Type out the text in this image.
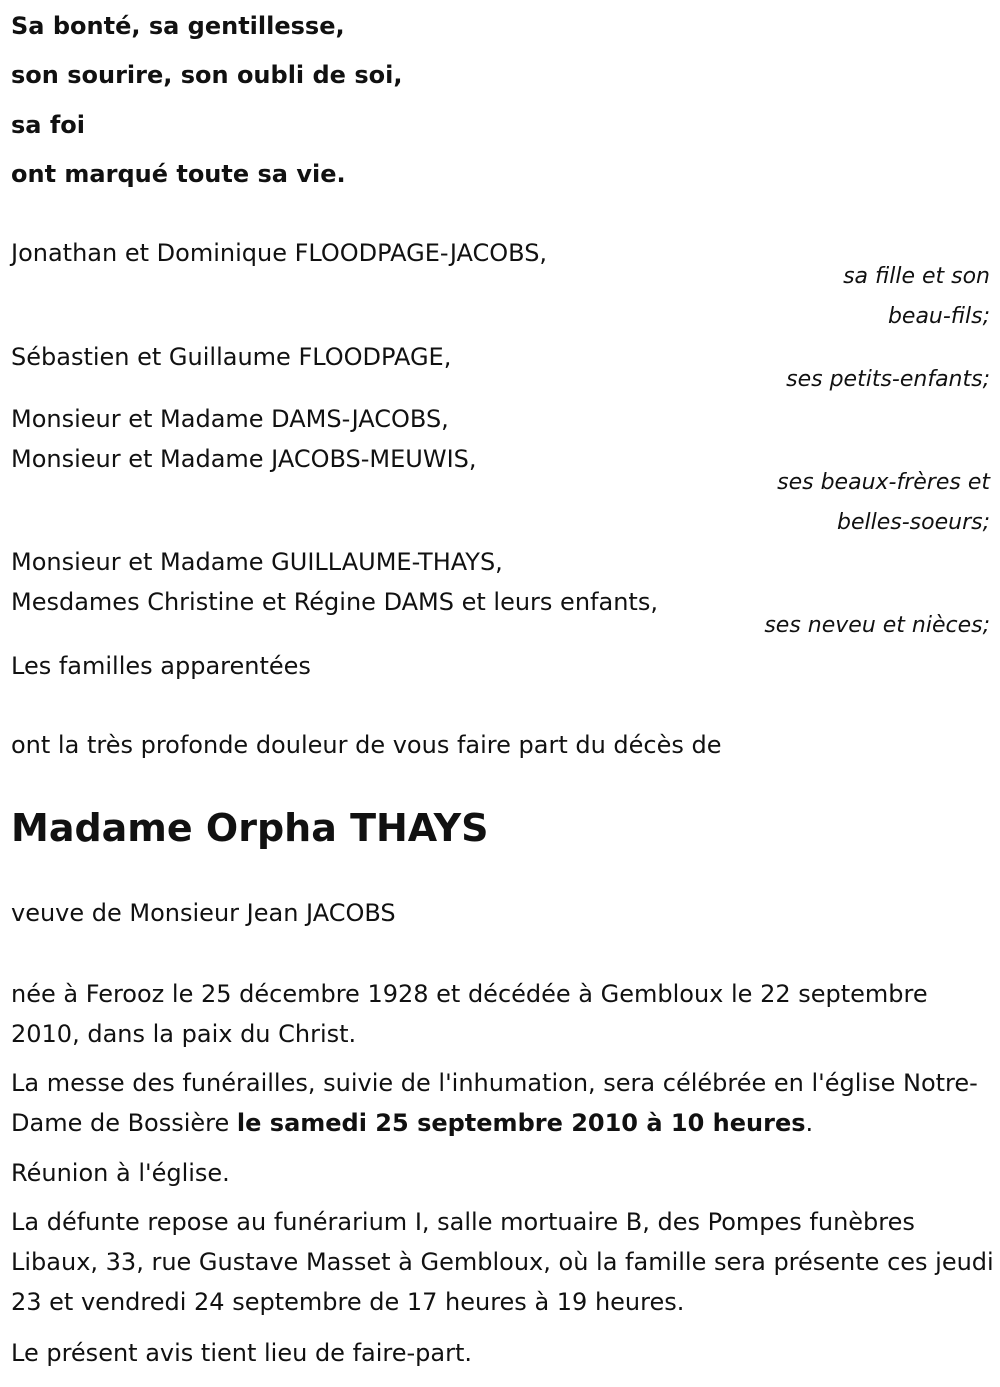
Sa bonté, sa gentillesse,

son sourire, son oubli de soi,

sa foi

ont marqué toute sa vie.

Jonathan et Dominique FLOODPAGE-JACOBS,

sa fille et son

beau-fils;

Sébastien et Guillaume FLOODPAGE,

ses petits-enfants;

Monsieur et Madame DAMS-JACOBS,

Monsieur et Madame JACOBS-MEUWIS,

ses beaux-frères et

belles-soeurs;

Monsieur et Madame GUILLAUME-THAYS,

Mesdames Christine et Régine DAMS et leurs enfants,

ses neveu et nièces;

Les familles apparentées

ont la très profonde douleur de vous faire part du décès de

Madame Orpha THAYS

veuve de Monsieur Jean JACOBS

née à Ferooz le 25 décembre 1928 et décédée à Gembloux le 22 septembre 2010, dans la paix du Christ.

La messe des funérailles, suivie de l'inhumation, sera célébrée en l'église Notre-Dame de Bossière le samedi 25 septembre 2010 à 10 heures.

Réunion à l'église.

La défunte repose au funérarium I, salle mortuaire B, des Pompes funèbres Libaux, 33, rue Gustave Masset à Gembloux, où la famille sera présente ces jeudi 23 et vendredi 24 septembre de 17 heures à 19 heures.

Le présent avis tient lieu de faire-part.
